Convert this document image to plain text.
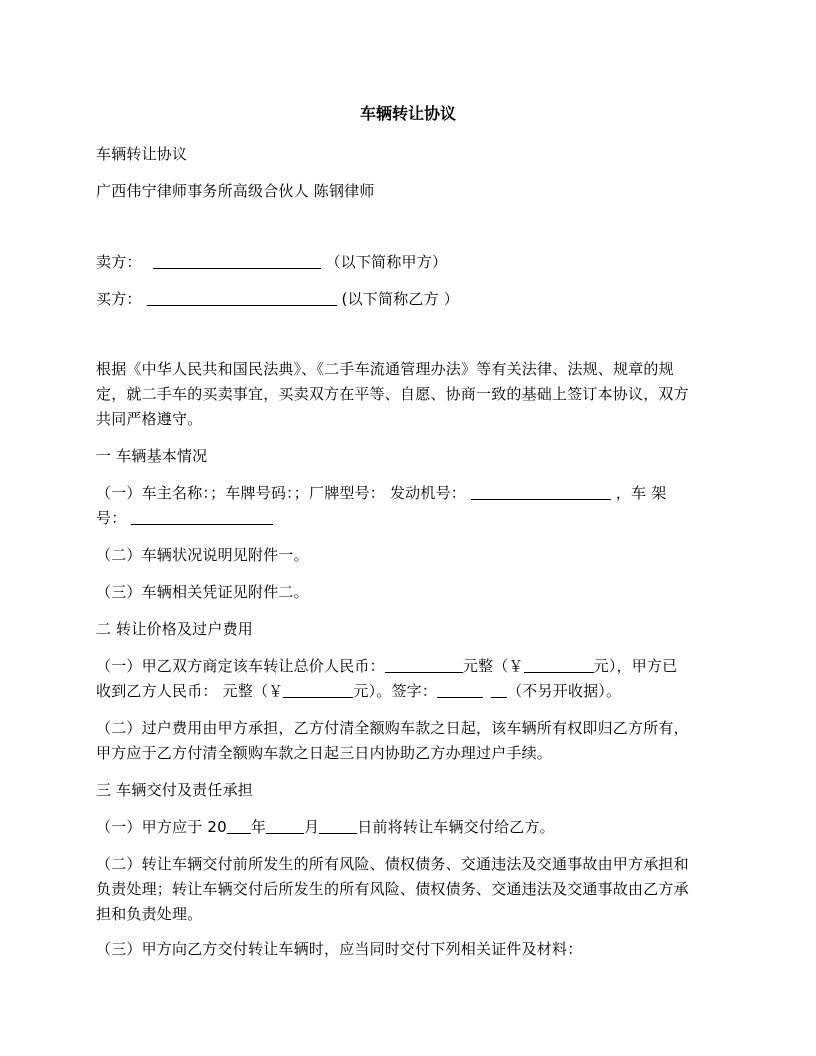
车辆转让协议

车辆转让协议

广西伟宁律师事务所高级合伙人 陈钢律师

卖方：	（以下简称甲方）

买方：	(以下简称乙方 ）

根据《中华人民共和国民法典》、《二手车流通管理办法》等有关法律、法规、规章的规

定，就二手车的买卖事宜，买卖双方在平等、自愿、协商一致的基础上签订本协议，双方

共同严格遵守。

一 车辆基本情况

（一）车主名称：；车牌号码：；厂牌型号： 发动机号：	，车 架

号：

（二）车辆状况说明见附件一。

（三）车辆相关凭证见附件二。

二 转让价格及过户费用

（一）甲乙双方商定该车转让总价人民币：	元整（￥	元），甲方已

收到乙方人民币： 元整（￥	元）。签字：	（不另开收据）。

（二）过户费用由甲方承担，乙方付清全额购车款之日起，该车辆所有权即归乙方所有，

甲方应于乙方付清全额购车款之日起三日内协助乙方办理过户手续。

三 车辆交付及责任承担

（一）甲方应于 20 年	月	日前将转让车辆交付给乙方。

（二）转让车辆交付前所发生的所有风险、债权债务、交通违法及交通事故由甲方承担和

负责处理；转让车辆交付后所发生的所有风险、债权债务、交通违法及交通事故由乙方承

担和负责处理。

（三）甲方向乙方交付转让车辆时，应当同时交付下列相关证件及材料：
